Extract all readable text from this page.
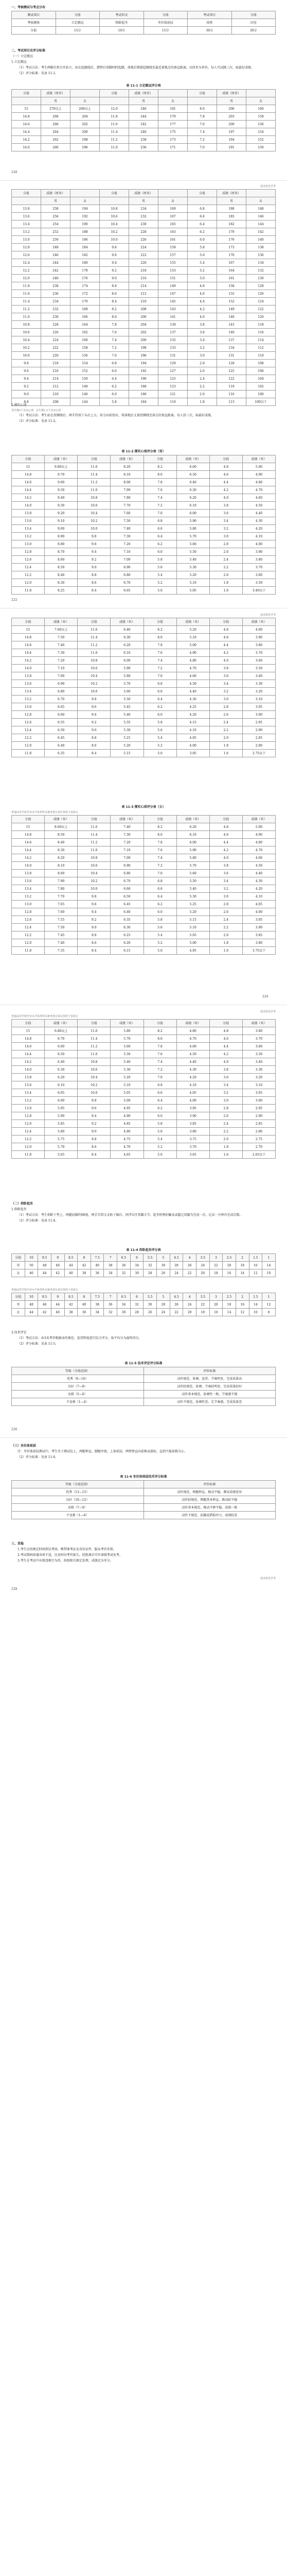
一、考核测试与考点分布
测试项目	分值	考试形式	分值	考试项目	分值
考核测验	立定跳远	仰卧起坐	坐位体前屈	球类	田径
分值	15分	10分	15分	30分	30分
二、考试项目及评分标准
（一）立定跳远
1.立定跳远

（1）考试方法：考生两脚自然分开站立，站在起跳线后，摆臂后双脚同时起跳，落地后测量起跳线至最近着地点的垂直距离，以厘米为单位。每人可试跳三次，取最好成绩。

（2）评分标准：见表 11-1。

表 11-1 立定跳远评分表
分值	成绩（厘米）		分值	成绩（厘米）		分值	成绩（厘米）	
	男	女		男	女		男	女
15	270以上	206以上	12.0	246	181	8.0	206	160
14.8	268	204	11.8	244	179	7.8	203	158
14.6	266	202	11.6	242	177	7.6	200	156
14.4	264	200	11.4	240	175	7.4	197	154
14.2	262	198	11.2	238	173	7.2	194	152
14.0	260	196	11.0	236	171	7.0	191	150
220
选自阳光学考
分值	成绩（厘米）		分值	成绩（厘米）		分值	成绩（厘米）	
	男	女		男	女		男	女
13.8	258	194	10.8	234	169	6.8	188	148
13.6	256	192	10.6	232	167	6.6	185	146
13.4	254	190	10.4	230	165	6.4	182	144
13.2	252	188	10.2	228	163	6.2	179	142
13.0	250	186	10.0	226	161	6.0	176	140
12.8	248	184	9.8	224	159	5.8	173	138
12.6	246	182	9.6	222	157	5.6	170	136
12.4	244	180	9.4	220	155	5.4	167	134
12.2	242	178	9.2	218	153	5.2	164	132
12.0	240	176	9.0	216	151	5.0	161	130
11.8	238	174	8.8	214	149	4.8	158	128
11.6	236	172	8.6	212	147	4.6	155	126
11.4	234	170	8.4	210	145	4.4	152	124
11.2	232	168	8.2	208	143	4.2	149	122
11.0	230	166	8.0	206	141	4.0	146	120
10.8	228	164	7.8	204	139	3.8	143	118
10.6	226	162	7.6	202	137	3.6	140	116
10.4	224	160	7.4	200	135	3.4	137	114
10.2	222	158	7.2	198	133	3.2	134	112
10.0	220	156	7.0	196	131	3.0	131	110
9.8	218	154	6.8	194	129	2.8	128	108
9.6	216	152	6.6	192	127	2.6	125	106
9.4	214	150	6.4	190	125	2.4	122	104
9.2	212	148	6.2	188	123	2.2	119	102
9.0	210	146	6.0	186	121	2.0	116	100
8.8	208	144	5.8	184	119	1.8	113	100以下
2.掷实心球
男生掷2千克实心球，女生掷1.5千克实心球

（1）考试方法：考生站在投掷线后，两手持球于头后上方，用力向前投出，球落地后丈量投掷线至落点的垂直距离。每人投三次，取最好成绩。

（2）评分标准：见表 11-2。

表 11-2 掷实心球评分表（男）
分值	成绩（米）	分值	成绩（米）	分值	成绩（米）	分值	成绩（米）
15	9.80以上	11.6	8.20	8.2	6.60	4.8	5.00
14.8	9.70	11.4	8.10	8.0	6.50	4.6	4.90
14.6	9.60	11.2	8.00	7.8	6.40	4.4	4.80
14.4	9.50	11.0	7.90	7.6	6.30	4.2	4.70
14.2	9.40	10.8	7.80	7.4	6.20	4.0	4.60
14.0	9.30	10.6	7.70	7.2	6.10	3.8	4.50
13.8	9.20	10.4	7.60	7.0	6.00	3.6	4.40
13.6	9.10	10.2	7.50	6.8	5.90	3.4	4.30
13.4	9.00	10.0	7.40	6.6	5.80	3.2	4.20
13.2	8.90	9.8	7.30	6.4	5.70	3.0	4.10
13.0	8.80	9.6	7.20	6.2	5.60	2.8	4.00
12.8	8.70	9.4	7.10	6.0	5.50	2.6	3.90
12.6	8.60	9.2	7.00	5.8	5.40	2.4	3.80
12.4	8.50	9.0	6.90	5.6	5.30	2.2	3.70
12.2	8.40	8.8	6.80	5.4	5.20	2.0	3.60
12.0	8.30	8.6	6.70	5.2	5.10	1.8	3.50
11.8	8.25	8.4	6.65	5.0	5.05	1.6	3.40以下
222
选自阳光学考
分值	成绩（米）	分值	成绩（米）	分值	成绩（米）	分值	成绩（米）
15	7.60以上	11.6	6.40	8.2	5.20	4.8	4.00
14.8	7.50	11.4	6.30	8.0	5.10	4.6	3.90
14.6	7.40	11.2	6.20	7.8	5.00	4.4	3.80
14.4	7.30	11.0	6.10	7.6	4.90	4.2	3.70
14.2	7.20	10.8	6.00	7.4	4.80	4.0	3.60
14.0	7.10	10.6	5.90	7.2	4.70	3.8	3.50
13.8	7.00	10.4	5.80	7.0	4.60	3.6	3.40
13.6	6.90	10.2	5.70	6.8	4.50	3.4	3.30
13.4	6.80	10.0	5.60	6.6	4.40	3.2	3.20
13.2	6.70	9.8	5.50	6.4	4.30	3.0	3.10
13.0	6.65	9.6	5.45	6.2	4.25	2.8	3.05
12.8	6.60	9.4	5.40	6.0	4.20	2.6	3.00
12.6	6.55	9.2	5.35	5.8	4.15	2.4	2.95
12.4	6.50	9.0	5.30	5.6	4.10	2.2	2.90
12.2	6.45	8.8	5.25	5.4	4.05	2.0	2.85
12.0	6.40	8.6	5.20	5.2	4.00	1.8	2.80
11.8	6.35	8.4	5.15	5.0	3.95	1.6	2.75以下
表 11-3 掷实心球评分表（女）
普通高等学校学业水平体育科目统考部分项目参照下表执行
分值	成绩（米）	分值	成绩（米）	分值	成绩（米）	分值	成绩（米）
15	8.60以上	11.6	7.40	8.2	6.20	4.8	5.00
14.8	8.50	11.4	7.30	8.0	6.10	4.6	4.90
14.6	8.40	11.2	7.20	7.8	6.00	4.4	4.80
14.4	8.30	11.0	7.10	7.6	5.90	4.2	4.70
14.2	8.20	10.8	7.00	7.4	5.80	4.0	4.60
14.0	8.10	10.6	6.90	7.2	5.70	3.8	4.50
13.8	8.00	10.4	6.80	7.0	5.60	3.6	4.40
13.6	7.90	10.2	6.70	6.8	5.50	3.4	4.30
13.4	7.80	10.0	6.60	6.6	5.40	3.2	4.20
13.2	7.70	9.8	6.50	6.4	5.30	3.0	4.10
13.0	7.65	9.6	6.45	6.2	5.25	2.8	4.05
12.8	7.60	9.4	6.40	6.0	5.20	2.6	4.00
12.6	7.55	9.2	6.35	5.8	5.15	2.4	3.95
12.4	7.50	9.0	6.30	5.6	5.10	2.2	3.90
12.2	7.45	8.8	6.25	5.4	5.05	2.0	3.85
12.0	7.40	8.6	6.20	5.2	5.00	1.8	3.80
11.8	7.35	8.4	6.15	5.0	4.95	1.6	3.75以下
224
选自阳光学考
普通高等学校学业水平体育科目统考部分项目参照下表执行
分值	成绩（米）	分值	成绩（米）	分值	成绩（米）	分值	成绩（米）
15	6.80以上	11.6	5.80	8.2	4.80	4.8	3.80
14.8	6.70	11.4	5.70	8.0	4.70	4.6	3.70
14.6	6.60	11.2	5.60	7.8	4.60	4.4	3.60
14.4	6.50	11.0	5.50	7.6	4.50	4.2	3.50
14.2	6.40	10.8	5.40	7.4	4.40	4.0	3.40
14.0	6.30	10.6	5.30	7.2	4.30	3.8	3.30
13.8	6.20	10.4	5.20	7.0	4.20	3.6	3.20
13.6	6.10	10.2	5.10	6.8	4.10	3.4	3.10
13.4	6.05	10.0	5.05	6.6	4.05	3.2	3.05
13.2	6.00	9.8	5.00	6.4	4.00	3.0	3.00
13.0	5.95	9.6	4.95	6.2	3.95	2.8	2.95
12.8	5.90	9.4	4.90	6.0	3.90	2.6	2.90
12.6	5.85	9.2	4.85	5.8	3.85	2.4	2.85
12.4	5.80	9.0	4.80	5.6	3.80	2.2	2.80
12.2	5.75	8.8	4.75	5.4	3.75	2.0	2.75
12.0	5.70	8.6	4.70	5.2	3.70	1.8	2.70
11.8	5.65	8.4	4.65	5.0	3.65	1.6	2.65以下
（二）仰卧起坐
1.仰卧起坐

（1）考试方法：考生仰卧于垫上，两腿屈膝约90度，两手手指交叉贴于脑后，同伴压住其踝关节。起坐时两肘触及或超过双膝为完成一次，记录一分钟内完成次数。

（2）评分标准：见表 11-4。

表 11-4 仰卧起坐评分表
分值	10	9.5	9	8.5	8	7.5	7	6.5	6	5.5	5	4.5	4	3.5	3	2.5	2	1.5	1
男	50	48	46	44	42	40	38	36	34	32	30	28	26	24	22	20	18	16	14
女	46	44	42	40	38	36	34	32	30	28	26	24	22	20	18	16	14	12	10
普通高等学校学业水平体育科目统考部分项目参照下表执行
分值	10	9.5	9	8.5	8	7.5	7	6.5	6	5.5	5	4.5	4	3.5	3	2.5	2	1.5	1
男	48	46	44	42	40	38	36	34	32	30	28	26	24	22	20	18	16	14	12
女	44	42	40	38	36	34	32	30	28	26	24	22	20	18	16	14	12	10	8
2.技术评定

（1）考试方法：由3名考官根据动作规范、连贯程度进行综合评分，取平均分为最终得分。

（2）评分标准：见表 11-5。

表 11-5 技术评定评分标准
等级（分值范围）	评价标准
优秀（9—10）	动作规范、协调、连贯，节奏明显，完成质量高
良好（7—8）	动作较规范、协调，节奏较明显，完成质量较好
及格（5—6）	动作基本规范，协调性一般，节奏感不强
不及格（1—4）	动作不规范，协调性差，无节奏感，完成质量差
226
（三）坐位体前屈

注：坐位体前屈测试中，考生坐于测试仪上，两腿伸直，脚跟并拢，上体前屈，两臂伸直向前推动游标，直到不能前推为止。

（2）评分标准：见表 11-6。

表 11-6 坐位体前屈技术评分标准
等级（分值范围）	评价标准
优秀（13—15）	动作规范，两腿伸直，推动平稳，测试成绩优异
良好（10—12）	动作较规范，两腿基本伸直，推动较平稳
及格（7—9）	动作基本规范，推动不够平稳，成绩一般
不及格（1—6）	动作不规范，屈膝或借助冲力，成绩较差
三、其他

1.考生应按规定时间到达考场，携带准考证及身份证件，服从考官安排。

2.考试期间如遇身体不适，应及时向考官报告，经批准后可申请缓考或免考。

3.考生在考试中出现违规行为的，按照相关规定处理，成绩记为零分。

选自阳光学考
228
